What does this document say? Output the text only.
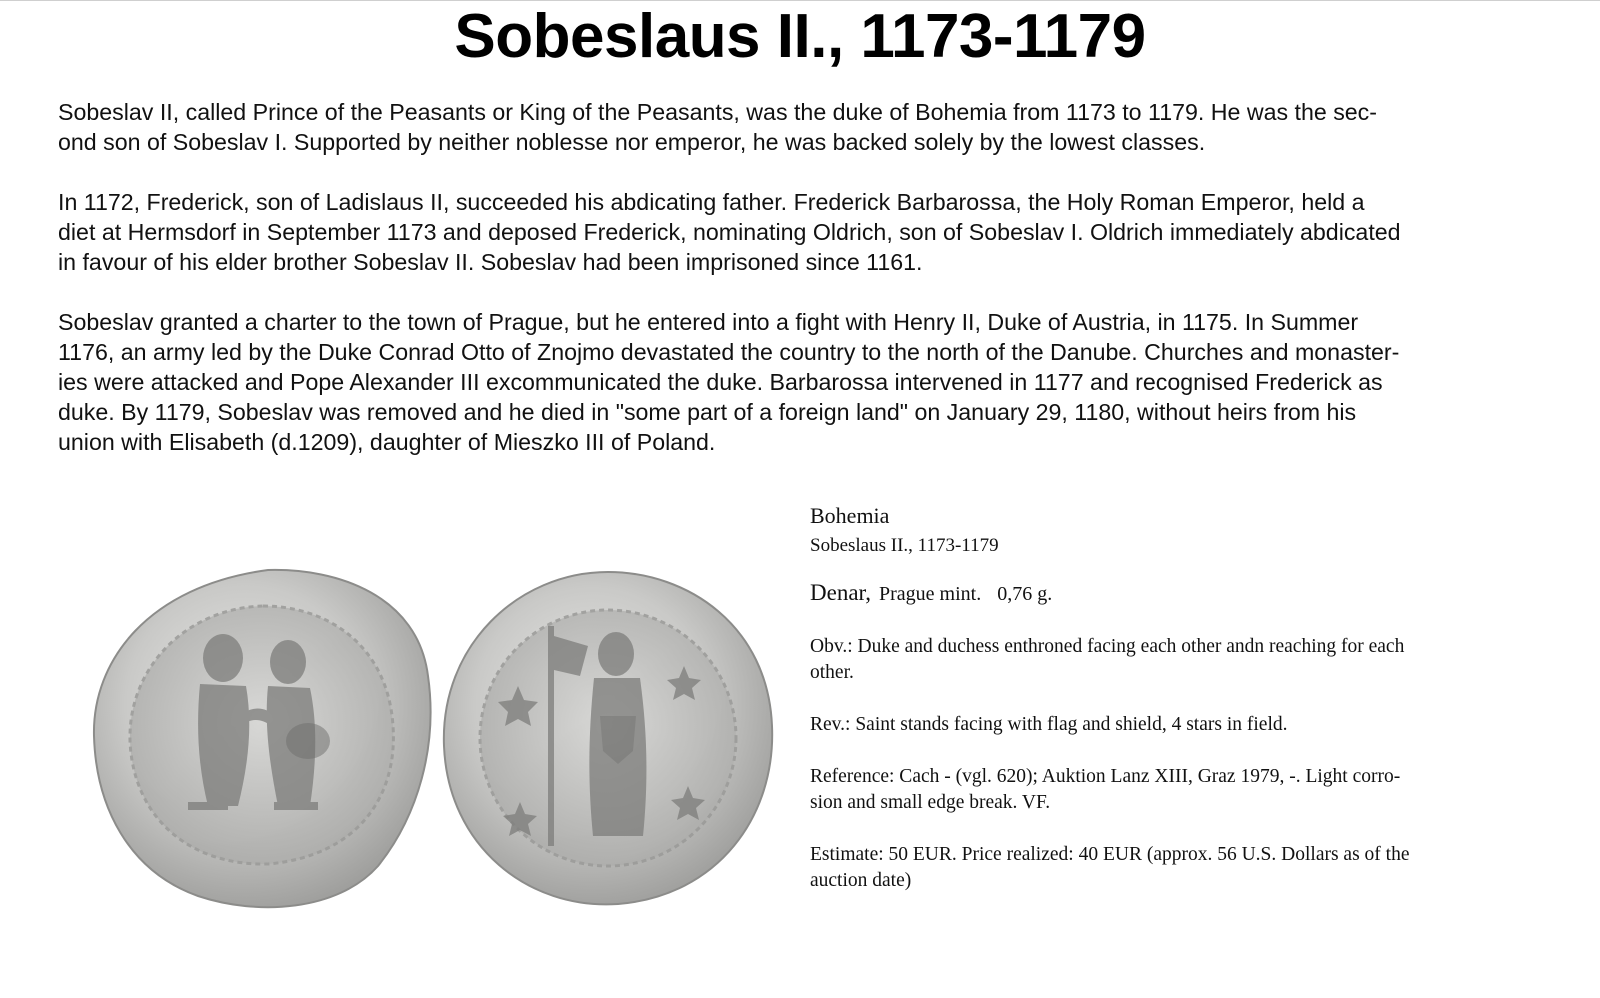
Sobeslaus II., 1173-1179

Sobeslav II, called Prince of the Peasants or King of the Peasants, was the duke of Bohemia from 1173 to 1179. He was the sec-
ond son of Sobeslav I. Supported by neither noblesse nor emperor, he was backed solely by the lowest classes.

In 1172, Frederick, son of Ladislaus II, succeeded his abdicating father. Frederick Barbarossa, the Holy Roman Emperor, held a
diet at Hermsdorf in September 1173 and deposed Frederick, nominating Oldrich, son of Sobeslav I. Oldrich immediately abdicated
in favour of his elder brother Sobeslav II. Sobeslav had been imprisoned since 1161.

Sobeslav granted a charter to the town of Prague, but he entered into a fight with Henry II, Duke of Austria, in 1175. In Summer
1176, an army led by the Duke Conrad Otto of Znojmo devastated the country to the north of the Danube. Churches and monaster-
ies were attacked and Pope Alexander III excommunicated the duke. Barbarossa intervened in 1177 and recognised Frederick as
duke. By 1179, Sobeslav was removed and he died in "some part of a foreign land" on January 29, 1180, without heirs from his
union with Elisabeth (d.1209), daughter of Mieszko III of Poland.

Bohemia
Sobeslaus II., 1173-1179
Denar, Prague mint. 0,76 g.
Obv.: Duke and duchess enthroned facing each other andn reaching for each
other.
Rev.: Saint stands facing with flag and shield, 4 stars in field.
Reference: Cach - (vgl. 620); Auktion Lanz XIII, Graz 1979, -. Light corro-
sion and small edge break. VF.
Estimate: 50 EUR. Price realized: 40 EUR (approx. 56 U.S. Dollars as of the
auction date)
